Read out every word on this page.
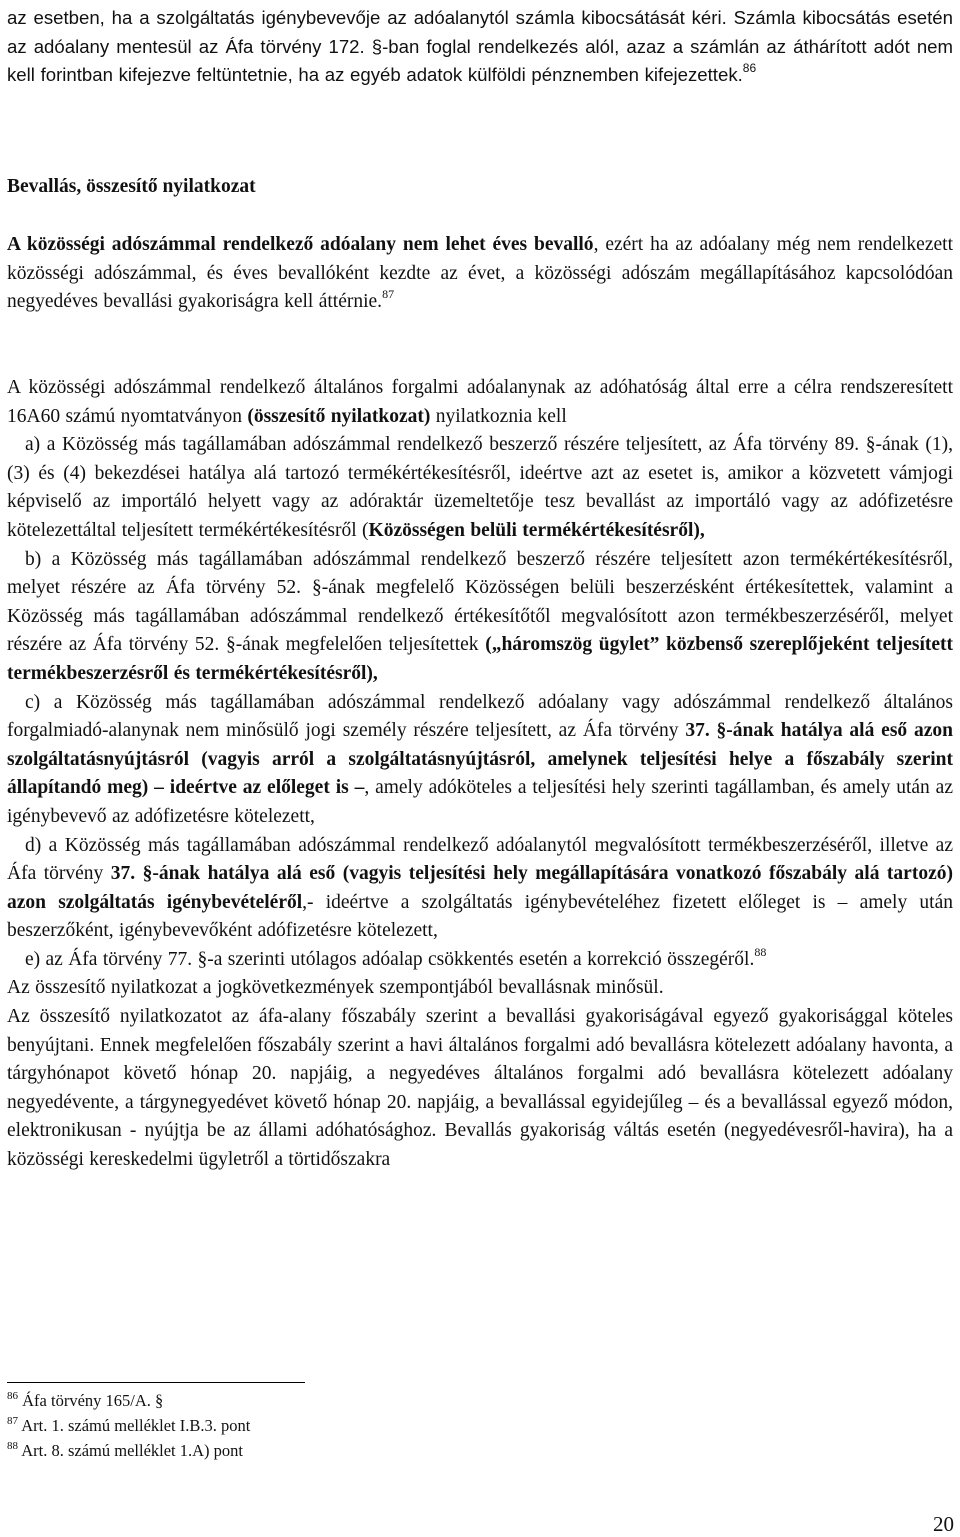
az esetben, ha a szolgáltatás igénybevevője az adóalanytól számla kibocsátását kéri. Számla kibocsátás esetén az adóalany mentesül az Áfa törvény 172. §-ban foglal rendelkezés alól, azaz a számlán az áthárított adót nem kell forintban kifejezve feltüntetnie, ha az egyéb adatok külföldi pénznemben kifejezettek.$^{86}$

Bevallás, összesítő nyilatkozat

A közösségi adószámmal rendelkező adóalany nem lehet éves bevalló, ezért ha az adóalany még nem rendelkezett közösségi adószámmal, és éves bevallóként kezdte az évet, a közösségi adószám megállapításához kapcsolódóan negyedéves bevallási gyakoriságra kell áttérnie.$^{87}$

A közösségi adószámmal rendelkező általános forgalmi adóalanynak az adóhatóság által erre a célra rendszeresített 16A60 számú nyomtatványon (összesítő nyilatkozat) nyilatkoznia kell

a) a Közösség más tagállamában adószámmal rendelkező beszerző részére teljesített, az Áfa törvény 89. §-ának (1), (3) és (4) bekezdései hatálya alá tartozó termékértékesítésről, ideértve azt az esetet is, amikor a közvetett vámjogi képviselő az importáló helyett vagy az adóraktár üzemeltetője tesz bevallást az importáló vagy az adófizetésre kötelezettáltal teljesített termékértékesítésről (Közösségen belüli termékértékesítésről),

b) a Közösség más tagállamában adószámmal rendelkező beszerző részére teljesített azon termékértékesítésről, melyet részére az Áfa törvény 52. §-ának megfelelő Közösségen belüli beszerzésként értékesítettek, valamint a Közösség más tagállamában adószámmal rendelkező értékesítőtől megvalósított azon termékbeszerzéséről, melyet részére az Áfa törvény 52. §-ának megfelelően teljesítettek („háromszög ügylet” közbenső szereplőjeként teljesített termékbeszerzésről és termékértékesítésről),

c) a Közösség más tagállamában adószámmal rendelkező adóalany vagy adószámmal rendelkező általános forgalmiadó-alanynak nem minősülő jogi személy részére teljesített, az Áfa törvény 37. §-ának hatálya alá eső azon szolgáltatásnyújtásról (vagyis arról a szolgáltatásnyújtásról, amelynek teljesítési helye a főszabály szerint állapítandó meg) – ideértve az előleget is –, amely adóköteles a teljesítési hely szerinti tagállamban, és amely után az igénybevevő az adófizetésre kötelezett,

d) a Közösség más tagállamában adószámmal rendelkező adóalanytól megvalósított termékbeszerzéséről, illetve az Áfa törvény 37. §-ának hatálya alá eső (vagyis teljesítési hely megállapítására vonatkozó főszabály alá tartozó) azon szolgáltatás igénybevételéről,- ideértve a szolgáltatás igénybevételéhez fizetett előleget is – amely után beszerzőként, igénybevevőként adófizetésre kötelezett,

e) az Áfa törvény 77. §-a szerinti utólagos adóalap csökkentés esetén a korrekció összegéről.$^{88}$

Az összesítő nyilatkozat a jogkövetkezmények szempontjából bevallásnak minősül.

Az összesítő nyilatkozatot az áfa-alany főszabály szerint a bevallási gyakoriságával egyező gyakorisággal köteles benyújtani. Ennek megfelelően főszabály szerint a havi általános forgalmi adó bevallásra kötelezett adóalany havonta, a tárgyhónapot követő hónap 20. napjáig, a negyedéves általános forgalmi adó bevallásra kötelezett adóalany negyedévente, a tárgynegyedévet követő hónap 20. napjáig, a bevallással egyidejűleg – és a bevallással egyező módon, elektronikusan - nyújtja be az állami adóhatósághoz. Bevallás gyakoriság váltás esetén (negyedévesről-havira), ha a közösségi kereskedelmi ügyletről a törtidőszakra

$^{86}$ Áfa törvény 165/A. §

$^{87}$ Art. 1. számú melléklet I.B.3. pont

$^{88}$ Art. 8. számú melléklet 1.A) pont

20
